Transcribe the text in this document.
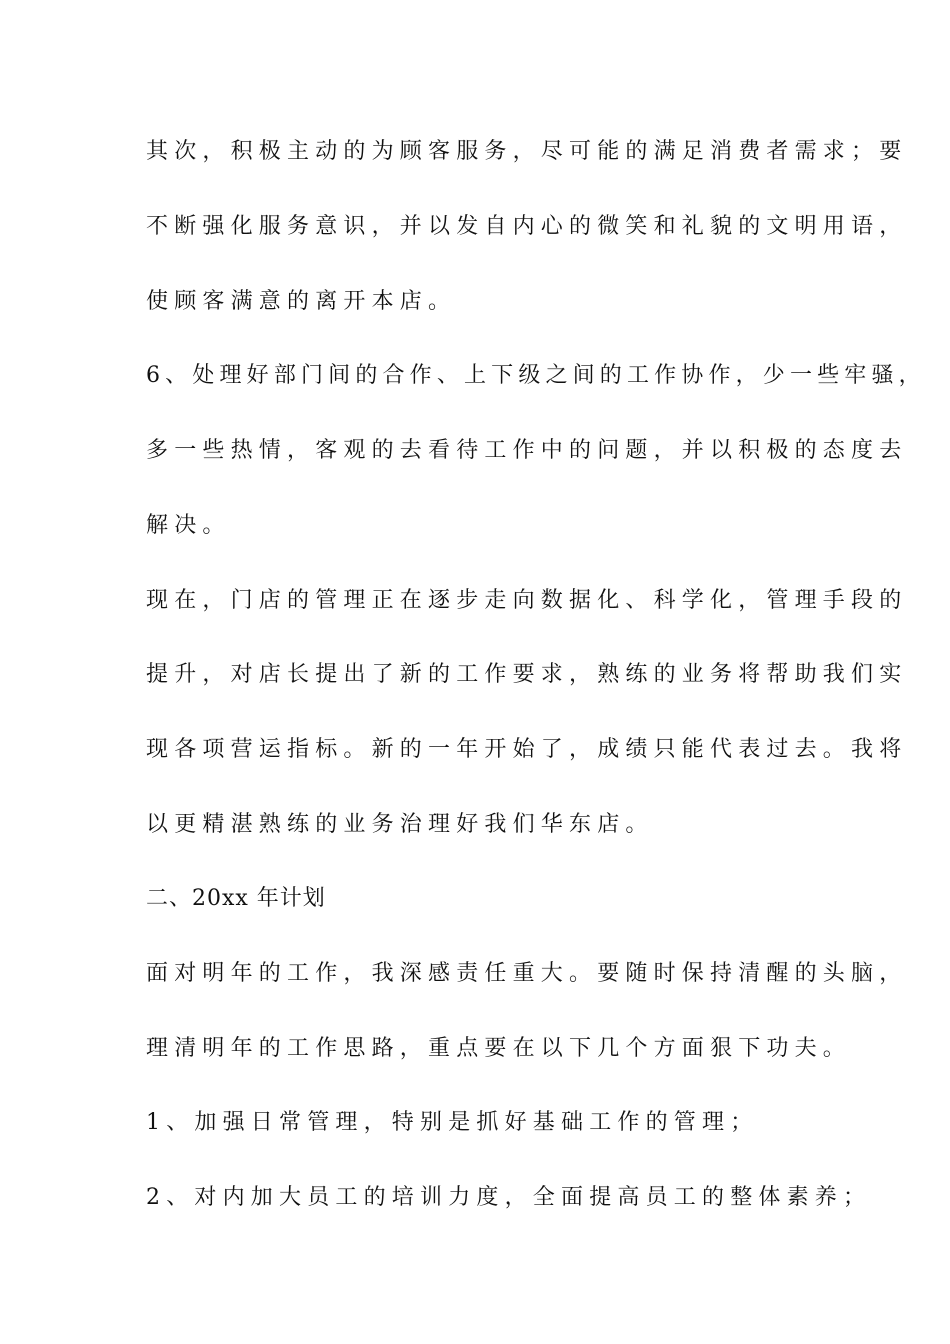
其次，积极主动的为顾客服务，尽可能的满足消费者需求；要
不断强化服务意识，并以发自内心的微笑和礼貌的文明用语，
使顾客满意的离开本店。
6、处理好部门间的合作、上下级之间的工作协作，少一些牢骚，
多一些热情，客观的去看待工作中的问题，并以积极的态度去
解决。
现在，门店的管理正在逐步走向数据化、科学化，管理手段的
提升，对店长提出了新的工作要求，熟练的业务将帮助我们实
现各项营运指标。新的一年开始了，成绩只能代表过去。我将
以更精湛熟练的业务治理好我们华东店。
二、20xx 年计划
面对明年的工作，我深感责任重大。要随时保持清醒的头脑，
理清明年的工作思路，重点要在以下几个方面狠下功夫。
1、加强日常管理，特别是抓好基础工作的管理；
2、对内加大员工的培训力度，全面提高员工的整体素养；
